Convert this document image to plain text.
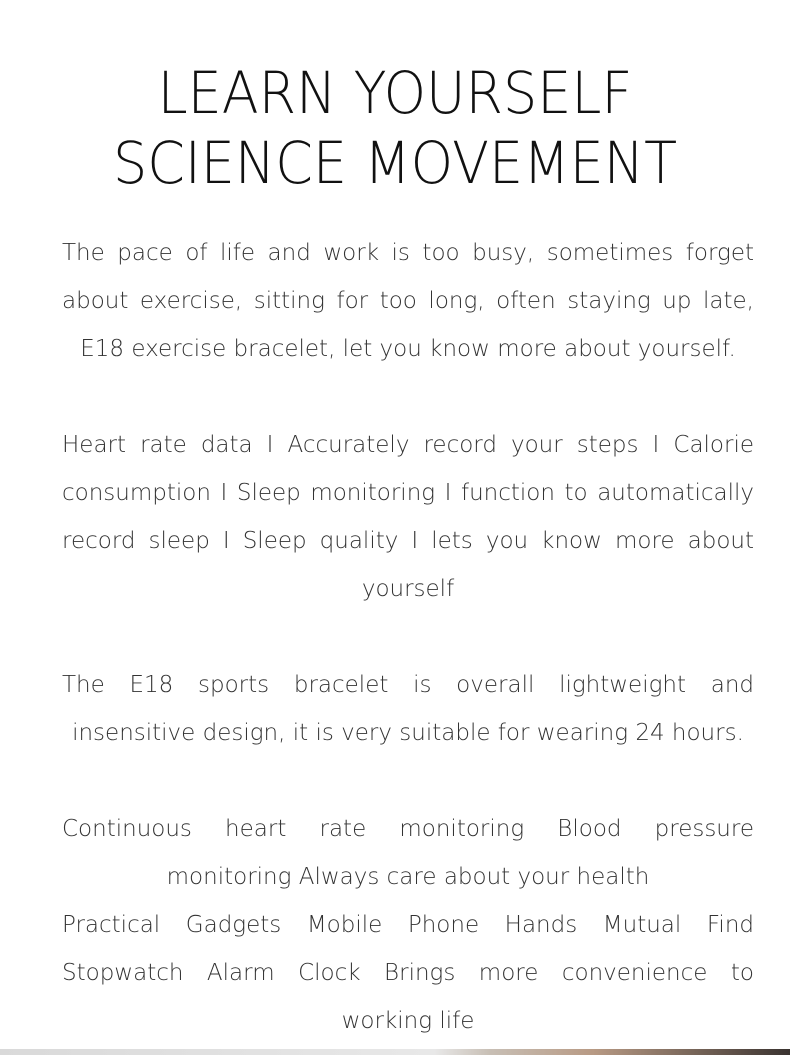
LEARN YOURSELF
SCIENCE MOVEMENT

The pace of life and work is too busy, sometimes forget about exercise, sitting for too long, often staying up late, E18 exercise bracelet, let you know more about yourself.

Heart rate data I Accurately record your steps I Calorie consumption I Sleep monitoring I function to automatically record sleep I Sleep quality I lets you know more about yourself

The E18 sports bracelet is overall lightweight and insensitive design, it is very suitable for wearing 24 hours.

Continuous heart rate monitoring Blood pressure monitoring Always care about your health

Practical Gadgets Mobile Phone Hands Mutual Find Stopwatch Alarm Clock Brings more convenience to working life
